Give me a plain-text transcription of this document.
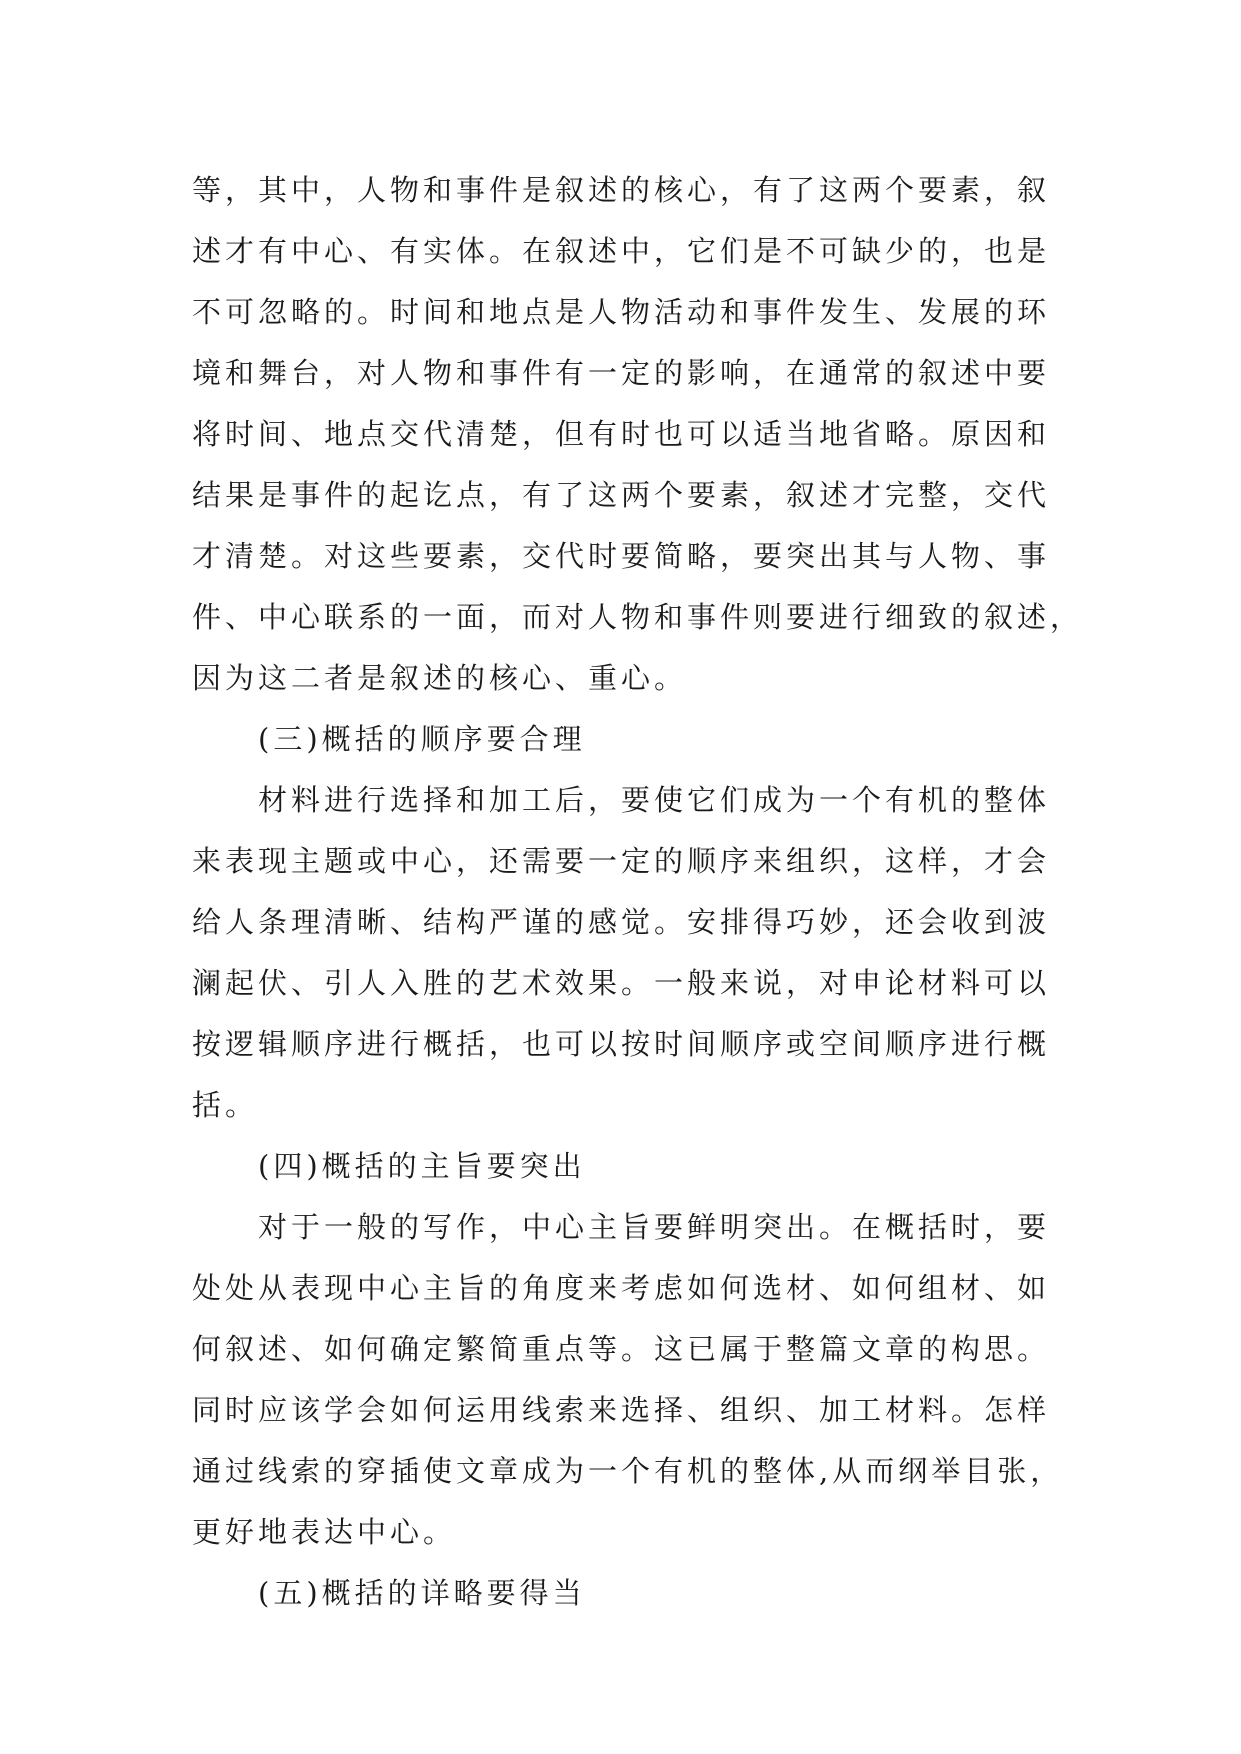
等，其中，人物和事件是叙述的核心，有了这两个要素，叙
述才有中心、有实体。在叙述中，它们是不可缺少的，也是
不可忽略的。时间和地点是人物活动和事件发生、发展的环
境和舞台，对人物和事件有一定的影响，在通常的叙述中要
将时间、地点交代清楚，但有时也可以适当地省略。原因和
结果是事件的起讫点，有了这两个要素，叙述才完整，交代
才清楚。对这些要素，交代时要简略，要突出其与人物、事
件、中心联系的一面，而对人物和事件则要进行细致的叙述，
因为这二者是叙述的核心、重心。
(三)概括的顺序要合理
材料进行选择和加工后，要使它们成为一个有机的整体
来表现主题或中心，还需要一定的顺序来组织，这样，才会
给人条理清晰、结构严谨的感觉。安排得巧妙，还会收到波
澜起伏、引人入胜的艺术效果。一般来说，对申论材料可以
按逻辑顺序进行概括，也可以按时间顺序或空间顺序进行概
括。
(四)概括的主旨要突出
对于一般的写作，中心主旨要鲜明突出。在概括时，要
处处从表现中心主旨的角度来考虑如何选材、如何组材、如
何叙述、如何确定繁简重点等。这已属于整篇文章的构思。
同时应该学会如何运用线索来选择、组织、加工材料。怎样
通过线索的穿插使文章成为一个有机的整体,从而纲举目张，
更好地表达中心。
(五)概括的详略要得当
